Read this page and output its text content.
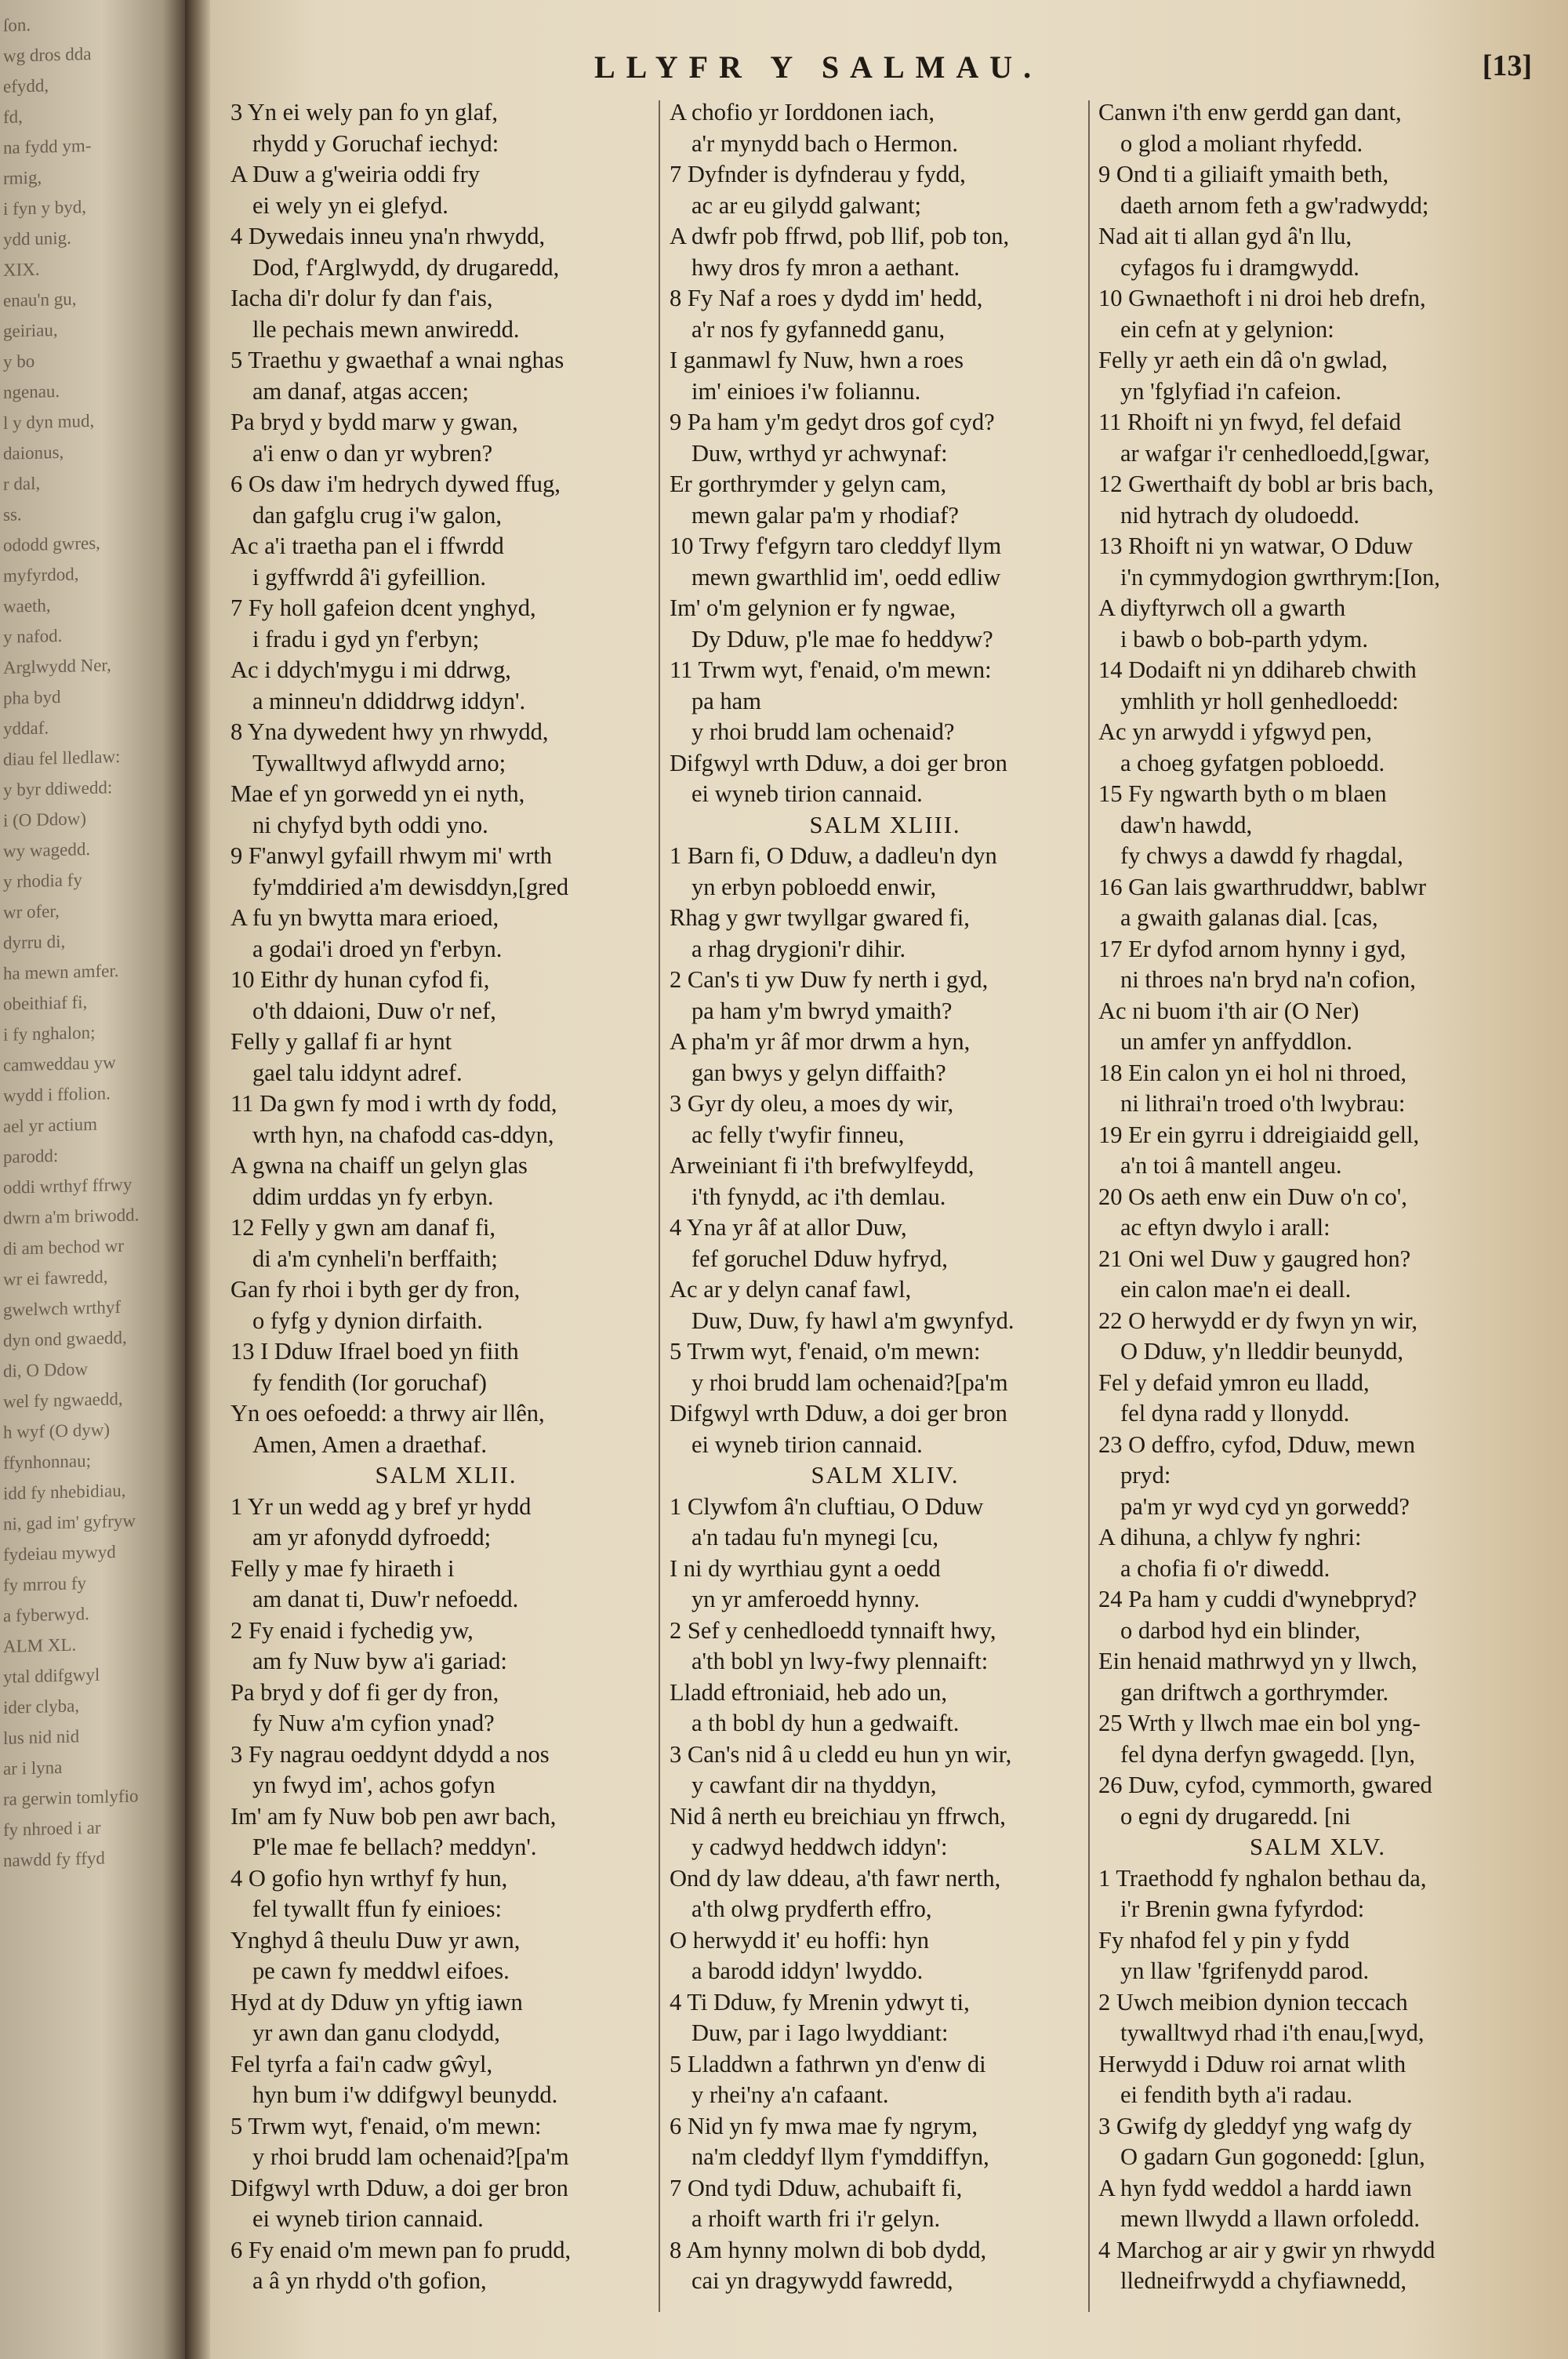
ſon.
wg dros dda
efydd,
fd,
na fydd ym-
rmig,
i fyn y byd,
ydd unig.
XIX.
enau'n gu,
geiriau,
y bo
ngenau.
l y dyn mud,
daionus,
r dal,
ss.
ododd gwres,
myfyrdod,
waeth,
y nafod.
Arglwydd Ner,
pha byd
yddaf.
diau fel lledlaw:
y byr ddiwedd:
i (O Ddow)
wy wagedd.
y rhodia fy
wr ofer,
dyrru di,
ha mewn amfer.
obeithiaf fi,
i fy nghalon;
camweddau yw
wydd i ffolion.
ael yr actium
parodd:
oddi wrthyf ffrwy
dwrn a'm briwodd.
di am bechod wr
wr ei fawredd,
gwelwch wrthyf
dyn ond gwaedd,
di, O Ddow
wel fy ngwaedd,
h wyf (O dyw)
ffynhonnau;
idd fy nhebidiau,
ni, gad im' gyfryw
fydeiau mywyd
fy mrrou fy
a fyberwyd.
ALM XL.
ytal ddifgwyl
ider clyba,
lus nid nid
ar i lyna
ra gerwin tomlyfio
fy nhroed i ar
nawdd fy ffyd
LLYFR Y SALMAU.	[13]
3 Yn ei wely pan fo yn glaf,
rhydd y Goruchaf iechyd:
A Duw a g'weiria oddi fry
ei wely yn ei glefyd.
4 Dywedais inneu yna'n rhwydd,
Dod, f'Arglwydd, dy drugaredd,
Iacha di'r dolur fy dan f'ais,
lle pechais mewn anwiredd.
5 Traethu y gwaethaf a wnai nghas
am danaf, atgas accen;
Pa bryd y bydd marw y gwan,
a'i enw o dan yr wybren?
6 Os daw i'm hedrych dywed ffug,
dan gafglu crug i'w galon,
Ac a'i traetha pan el i ffwrdd
i gyffwrdd â'i gyfeillion.
7 Fy holl gafeion dcent ynghyd,
i fradu i gyd yn f'erbyn;
Ac i ddych'mygu i mi ddrwg,
a minneu'n ddiddrwg iddyn'.
8 Yna dywedent hwy yn rhwydd,
Tywalltwyd aflwydd arno;
Mae ef yn gorwedd yn ei nyth,
ni chyfyd byth oddi yno.
9 F'anwyl gyfaill rhwym mi' wrth
fy'mddiried a'm dewisddyn,[gred
A fu yn bwytta mara erioed,
a godai'i droed yn f'erbyn.
10 Eithr dy hunan cyfod fi,
o'th ddaioni, Duw o'r nef,
Felly y gallaf fi ar hynt
gael talu iddynt adref.
11 Da gwn fy mod i wrth dy fodd,
wrth hyn, na chafodd cas-ddyn,
A gwna na chaiff un gelyn glas
ddim urddas yn fy erbyn.
12 Felly y gwn am danaf fi,
di a'm cynheli'n berffaith;
Gan fy rhoi i byth ger dy fron,
o fyfg y dynion dirfaith.
13 I Dduw Ifrael boed yn fiith
fy fendith (Ior goruchaf)
Yn oes oefoedd: a thrwy air llên,
Amen, Amen a draethaf.
SALM XLII.
1 Yr un wedd ag y bref yr hydd
am yr afonydd dyfroedd;
Felly y mae fy hiraeth i
am danat ti, Duw'r nefoedd.
2 Fy enaid i fychedig yw,
am fy Nuw byw a'i gariad:
Pa bryd y dof fi ger dy fron,
fy Nuw a'm cyfion ynad?
3 Fy nagrau oeddynt ddydd a nos
yn fwyd im', achos gofyn
Im' am fy Nuw bob pen awr bach,
P'le mae fe bellach? meddyn'.
4 O gofio hyn wrthyf fy hun,
fel tywallt ffun fy einioes:
Ynghyd â theulu Duw yr awn,
pe cawn fy meddwl eifoes.
Hyd at dy Dduw yn yftig iawn
yr awn dan ganu clodydd,
Fel tyrfa a fai'n cadw gŵyl,
hyn bum i'w ddifgwyl beunydd.
5 Trwm wyt, f'enaid, o'm mewn:
y rhoi brudd lam ochenaid?[pa'm
Difgwyl wrth Dduw, a doi ger bron
ei wyneb tirion cannaid.
6 Fy enaid o'm mewn pan fo prudd,
a â yn rhydd o'th gofion,
A chofio yr Iorddonen iach,
a'r mynydd bach o Hermon.
7 Dyfnder is dyfnderau y fydd,
ac ar eu gilydd galwant;
A dwfr pob ffrwd, pob llif, pob ton,
hwy dros fy mron a aethant.
8 Fy Naf a roes y dydd im' hedd,
a'r nos fy gyfannedd ganu,
I ganmawl fy Nuw, hwn a roes
im' einioes i'w foliannu.
9 Pa ham y'm gedyt dros gof cyd?
Duw, wrthyd yr achwynaf:
Er gorthrymder y gelyn cam,
mewn galar pa'm y rhodiaf?
10 Trwy f'efgyrn taro cleddyf llym
mewn gwarthlid im', oedd edliw
Im' o'm gelynion er fy ngwae,
Dy Dduw, p'le mae fo heddyw?
11 Trwm wyt, f'enaid, o'm mewn:
pa ham
y rhoi brudd lam ochenaid?
Difgwyl wrth Dduw, a doi ger bron
ei wyneb tirion cannaid.
SALM XLIII.
1 Barn fi, O Dduw, a dadleu'n dyn
yn erbyn pobloedd enwir,
Rhag y gwr twyllgar gwared fi,
a rhag drygioni'r dihir.
2 Can's ti yw Duw fy nerth i gyd,
pa ham y'm bwryd ymaith?
A pha'm yr âf mor drwm a hyn,
gan bwys y gelyn diffaith?
3 Gyr dy oleu, a moes dy wir,
ac felly t'wyfir finneu,
Arweiniant fi i'th brefwylfeydd,
i'th fynydd, ac i'th demlau.
4 Yna yr âf at allor Duw,
fef goruchel Dduw hyfryd,
Ac ar y delyn canaf fawl,
Duw, Duw, fy hawl a'm gwynfyd.
5 Trwm wyt, f'enaid, o'm mewn:
y rhoi brudd lam ochenaid?[pa'm
Difgwyl wrth Dduw, a doi ger bron
ei wyneb tirion cannaid.
SALM XLIV.
1 Clywfom â'n cluftiau, O Dduw
a'n tadau fu'n mynegi [cu,
I ni dy wyrthiau gynt a oedd
yn yr amferoedd hynny.
2 Sef y cenhedloedd tynnaift hwy,
a'th bobl yn lwy-fwy plennaift:
Lladd eftroniaid, heb ado un,
a th bobl dy hun a gedwaift.
3 Can's nid â u cledd eu hun yn wir,
y cawfant dir na thyddyn,
Nid â nerth eu breichiau yn ffrwch,
y cadwyd heddwch iddyn':
Ond dy law ddeau, a'th fawr nerth,
a'th olwg prydferth effro,
O herwydd it' eu hoffi: hyn
a barodd iddyn' lwyddo.
4 Ti Dduw, fy Mrenin ydwyt ti,
Duw, par i Iago lwyddiant:
5 Lladdwn a fathrwn yn d'enw di
y rhei'ny a'n cafaant.
6 Nid yn fy mwa mae fy ngrym,
na'm cleddyf llym f'ymddiffyn,
7 Ond tydi Dduw, achubaift fi,
a rhoift warth fri i'r gelyn.
8 Am hynny molwn di bob dydd,
cai yn dragywydd fawredd,
Canwn i'th enw gerdd gan dant,
o glod a moliant rhyfedd.
9 Ond ti a giliaift ymaith beth,
daeth arnom feth a gw'radwydd;
Nad ait ti allan gyd â'n llu,
cyfagos fu i dramgwydd.
10 Gwnaethoft i ni droi heb drefn,
ein cefn at y gelynion:
Felly yr aeth ein dâ o'n gwlad,
yn 'fglyfiad i'n cafeion.
11 Rhoift ni yn fwyd, fel defaid
ar wafgar i'r cenhedloedd,[gwar,
12 Gwerthaift dy bobl ar bris bach,
nid hytrach dy oludoedd.
13 Rhoift ni yn watwar, O Dduw
i'n cymmydogion gwrthrym:[Ion,
A diyftyrwch oll a gwarth
i bawb o bob-parth ydym.
14 Dodaift ni yn ddihareb chwith
ymhlith yr holl genhedloedd:
Ac yn arwydd i yfgwyd pen,
a choeg gyfatgen pobloedd.
15 Fy ngwarth byth o m blaen
daw'n hawdd,
fy chwys a dawdd fy rhagdal,
16 Gan lais gwarthruddwr, bablwr
a gwaith galanas dial. [cas,
17 Er dyfod arnom hynny i gyd,
ni throes na'n bryd na'n cofion,
Ac ni buom i'th air (O Ner)
un amfer yn anffyddlon.
18 Ein calon yn ei hol ni throed,
ni lithrai'n troed o'th lwybrau:
19 Er ein gyrru i ddreigiaidd gell,
a'n toi â mantell angeu.
20 Os aeth enw ein Duw o'n co',
ac eftyn dwylo i arall:
21 Oni wel Duw y gaugred hon?
ein calon mae'n ei deall.
22 O herwydd er dy fwyn yn wir,
O Dduw, y'n lleddir beunydd,
Fel y defaid ymron eu lladd,
fel dyna radd y llonydd.
23 O deffro, cyfod, Dduw, mewn
pryd:
pa'm yr wyd cyd yn gorwedd?
A dihuna, a chlyw fy nghri:
a chofia fi o'r diwedd.
24 Pa ham y cuddi d'wynebpryd?
o darbod hyd ein blinder,
Ein henaid mathrwyd yn y llwch,
gan driftwch a gorthrymder.
25 Wrth y llwch mae ein bol yng-
fel dyna derfyn gwagedd. [lyn,
26 Duw, cyfod, cymmorth, gwared
o egni dy drugaredd. [ni
SALM XLV.
1 Traethodd fy nghalon bethau da,
i'r Brenin gwna fyfyrdod:
Fy nhafod fel y pin y fydd
yn llaw 'fgrifenydd parod.
2 Uwch meibion dynion teccach
tywalltwyd rhad i'th enau,[wyd,
Herwydd i Dduw roi arnat wlith
ei fendith byth a'i radau.
3 Gwifg dy gleddyf yng wafg dy
O gadarn Gun gogonedd: [glun,
A hyn fydd weddol a hardd iawn
mewn llwydd a llawn orfoledd.
4 Marchog ar air y gwir yn rhwydd
lledneifrwydd a chyfiawnedd,
